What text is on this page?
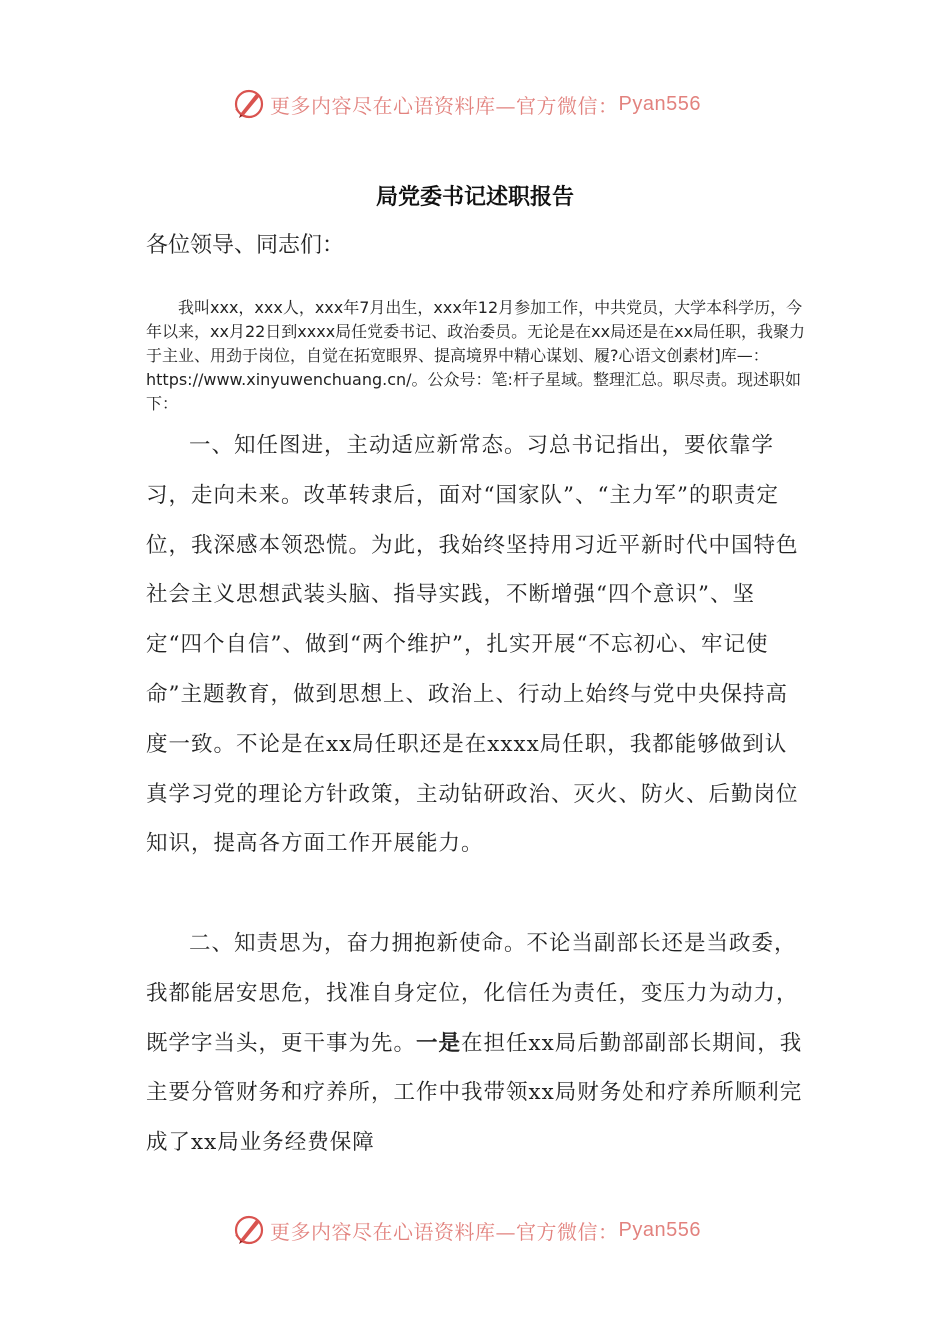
更多内容尽在心语资料库—官方微信： Pyan556
局党委书记述职报告
各位领导、同志们：

我叫xxx，xxx人，xxx年7月出生，xxx年12月参加工作，中共党员，大学本科学历，今年以来，xx月22日到xxxx局任党委书记、政治委员。无论是在xx局还是在xx局任职，我聚力于主业、用劲于岗位，自觉在拓宽眼界、提高境界中精心谋划、履?心语文创素材]库—：https://www.xinyuwenchuang.cn/。公众号：笔:杆子星域。整理汇总。职尽责。现述职如下：

一、知任图进，主动适应新常态。习总书记指出，要依靠学习，走向未来。改革转隶后，面对“国家队”、“主力军”的职责定位，我深感本领恐慌。为此，我始终坚持用习近平新时代中国特色社会主义思想武装头脑、指导实践，不断增强“四个意识”、坚定“四个自信”、做到“两个维护”，扎实开展“不忘初心、牢记使命”主题教育，做到思想上、政治上、行动上始终与党中央保持高度一致。不论是在xx局任职还是在xxxx局任职，我都能够做到认真学习党的理论方针政策，主动钻研政治、灭火、防火、后勤岗位知识，提高各方面工作开展能力。

二、知责思为，奋力拥抱新使命。不论当副部长还是当政委，我都能居安思危，找准自身定位，化信任为责任，变压力为动力，既学字当头，更干事为先。一是在担任xx局后勤部副部长期间，我主要分管财务和疗养所，工作中我带领xx局财务处和疗养所顺利完成了xx局业务经费保障

更多内容尽在心语资料库—官方微信： Pyan556
